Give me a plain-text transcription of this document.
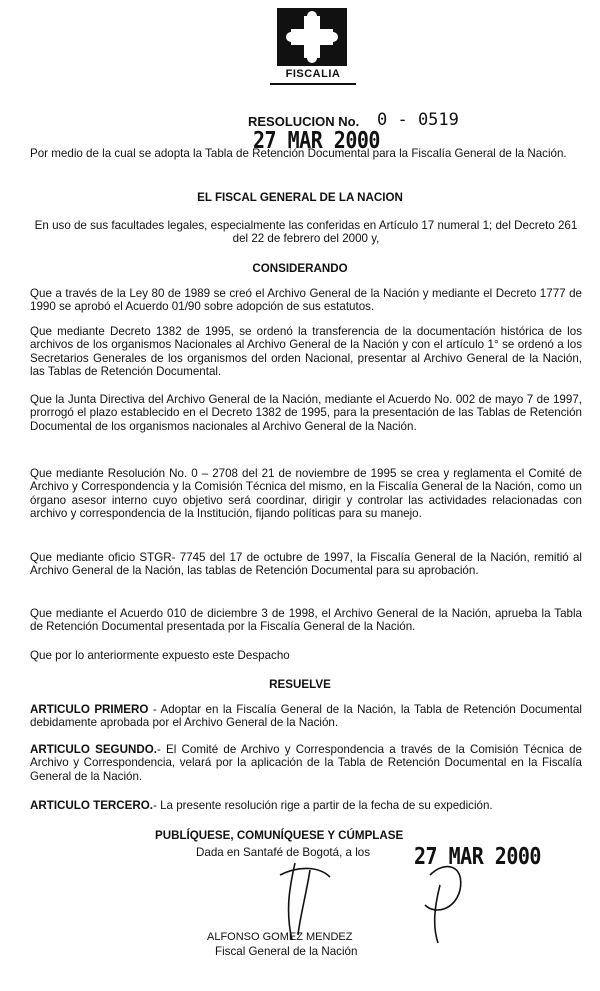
FISCALIA
RESOLUCION No. 0 - 0519
27 MAR 2000

Por medio de la cual se adopta la Tabla de Retención Documental para la Fiscalía General de la Nación.

EL FISCAL GENERAL DE LA NACION

En uso de sus facultades legales, especialmente las conferidas en Artículo 17 numeral 1; del Decreto 261 del 22 de febrero del 2000 y,

CONSIDERANDO

Que a través de la Ley 80 de 1989 se creó el Archivo General de la Nación y mediante el Decreto 1777 de 1990 se aprobó el Acuerdo 01/90 sobre adopción de sus estatutos.

Que mediante Decreto 1382 de 1995, se ordenó la transferencia de la documentación histórica de los archivos de los organismos Nacionales al Archivo General de la Nación y con el artículo 1° se ordenó a los Secretarios Generales de los organismos del orden Nacional, presentar al Archivo General de la Nación, las Tablas de Retención Documental.

Que la Junta Directiva del Archivo General de la Nación, mediante el Acuerdo No. 002 de mayo 7 de 1997, prorrogó el plazo establecido en el Decreto 1382 de 1995, para la presentación de las Tablas de Retención Documental de los organismos nacionales al Archivo General de la Nación.

Que mediante Resolución No. 0 – 2708 del 21 de noviembre de 1995 se crea y reglamenta el Comité de Archivo y Correspondencia y la Comisión Técnica del mismo, en la Fiscalía General de la Nación, como un órgano asesor interno cuyo objetivo será coordinar, dirigir y controlar las actividades relacionadas con archivo y correspondencia de la Institución, fijando políticas para su manejo.

Que mediante oficio STGR- 7745 del 17 de octubre de 1997, la Fiscalía General de la Nación, remitió al Archivo General de la Nación, las tablas de Retención Documental para su aprobación.

Que mediante el Acuerdo 010 de diciembre 3 de 1998, el Archivo General de la Nación, aprueba la Tabla de Retención Documental presentada por la Fiscalía General de la Nación.

Que por lo anteriormente expuesto este Despacho

RESUELVE

ARTICULO PRIMERO - Adoptar en la Fiscalía General de la Nación, la Tabla de Retención Documental debidamente aprobada por el Archivo General de la Nación.

ARTICULO SEGUNDO.- El Comité de Archivo y Correspondencia a través de la Comisión Técnica de Archivo y Correspondencia, velará por la aplicación de la Tabla de Retención Documental en la Fiscalía General de la Nación.

ARTICULO TERCERO.- La presente resolución rige a partir de la fecha de su expedición.

PUBLÍQUESE, COMUNÍQUESE Y CÚMPLASE
Dada en Santafé de Bogotá, a los 27 MAR 2000
ALFONSO GOMEZ MENDEZ
Fiscal General de la Nación
